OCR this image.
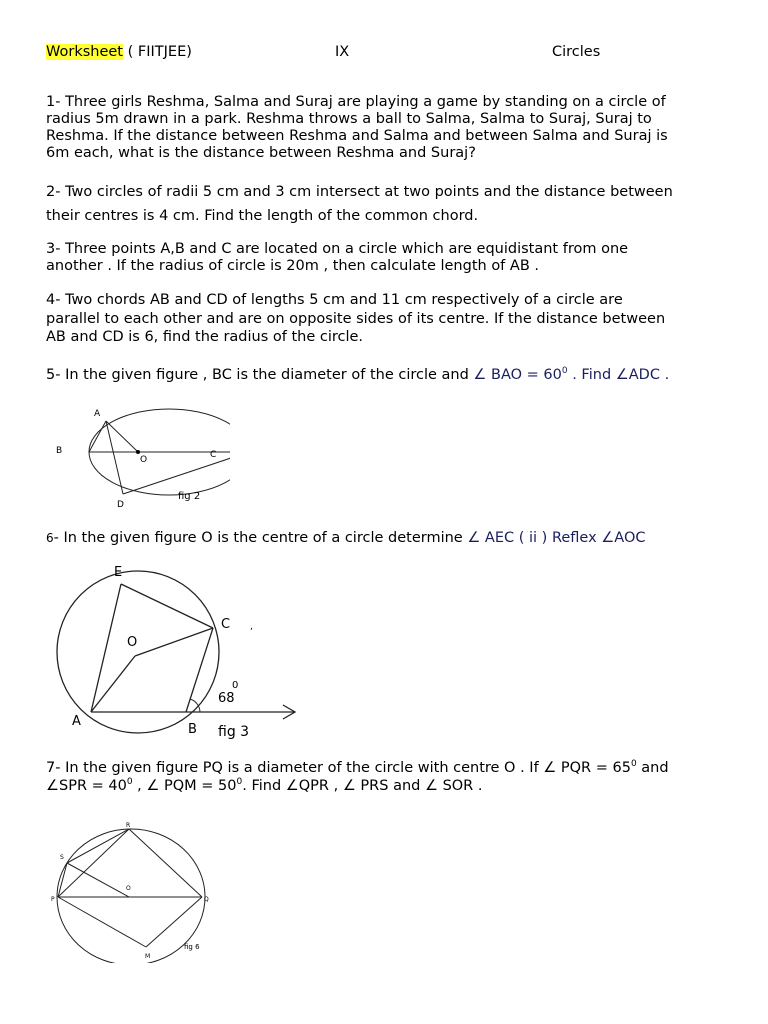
Worksheet ( FIITJEE)	IX	Circles
1- Three girls Reshma, Salma and Suraj are playing a game by standing on a circle of
radius 5m drawn in a park. Reshma throws a ball to Salma, Salma to Suraj, Suraj to
Reshma. If the distance between Reshma and Salma and between Salma and Suraj is
6m each, what is the distance between Reshma and Suraj?
2- Two circles of radii 5 cm and 3 cm intersect at two points and the distance between
their centres is 4 cm. Find the length of the common chord.
3- Three points A,B and C are located on a circle which are equidistant from one
another . If the radius of circle is 20m , then calculate length of AB .
4- Two chords AB and CD of lengths 5 cm and 11 cm respectively of a circle are
parallel to each other and are on opposite sides of its centre. If the distance between
AB and CD is 6, find the radius of the circle.
5- In the given figure , BC is the diameter of the circle and ∠ BAO = $60^0$ . Find ∠ADC .
A
B	C
O
D
fig 2
6- In the given figure O is the centre of a circle determine ∠ AEC ( ii ) Reflex ∠AOC
E
C ,
O
A
B
68
0
fig 3
7- In the given figure PQ is a diameter of the circle with centre O . If ∠ PQR = $65^0$ and
∠SPR = $40^0$ , ∠ PQM = $50^0$. Find ∠QPR , ∠ PRS and ∠ SOR .
R
S
P	Q
O
M
fig 6
